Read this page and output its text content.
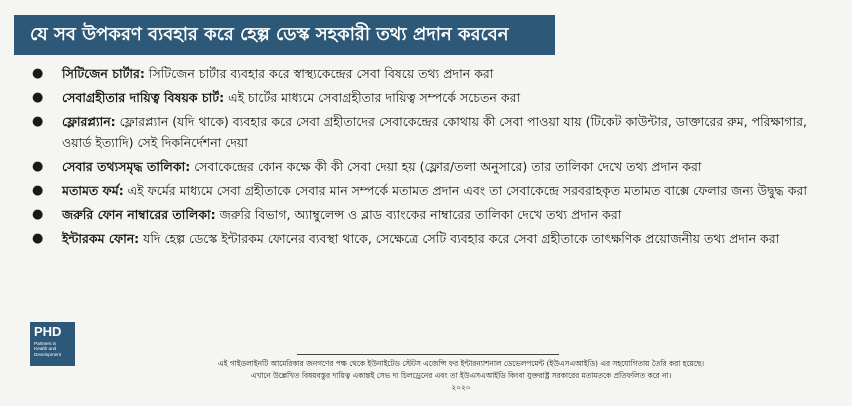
যে সব উপকরণ ব্যবহার করে হেল্প ডেস্ক সহকারী তথ্য প্রদান করবেন
● সিটিজেন চার্টার: সিটিজেন চার্টার ব্যবহার করে স্বাস্থ্যকেন্দ্রের সেবা বিষয়ে তথ্য প্রদান করা
● সেবাগ্রহীতার দায়িত্ব বিষয়ক চার্ট: এই চার্টের মাধ্যমে সেবাগ্রহীতার দায়িত্ব সম্পর্কে সচেতন করা
● ফ্লোরপ্ল্যান: ফ্লোরপ্ল্যান (যদি থাকে) ব্যবহার করে সেবা গ্রহীতাদের সেবাকেন্দ্রের কোথায় কী সেবা পাওয়া যায় (টিকেট কাউন্টার, ডাক্তারের রুম, পরিক্ষাগার, ওয়ার্ড ইত্যাদি) সেই দিকনির্দেশনা দেয়া
● সেবার তথ্যসমৃদ্ধ তালিকা: সেবাকেন্দ্রের কোন কক্ষে কী কী সেবা দেয়া হয় (ফ্লোর/তলা অনুসারে) তার তালিকা দেখে তথ্য প্রদান করা
● মতামত ফর্ম: এই ফর্মের মাধ্যমে সেবা গ্রহীতাকে সেবার মান সম্পর্কে মতামত প্রদান এবং তা সেবাকেন্দ্রে সরবরাহকৃত মতামত বাক্সে ফেলার জন্য উদ্বুদ্ধ করা
● জরুরি ফোন নাম্বারের তালিকা: জরুরি বিভাগ, অ্যাম্বুলেন্স ও ব্লাড ব্যাংকের নাম্বারের তালিকা দেখে তথ্য প্রদান করা
● ইন্টারকম ফোন: যদি হেল্প ডেস্কে ইন্টারকম ফোনের ব্যবস্থা থাকে, সেক্ষেত্রে সেটি ব্যবহার করে সেবা গ্রহীতাকে তাৎক্ষণিক প্রয়োজনীয় তথ্য প্রদান করা
PHD
Partners in
Health and
Development
এই গাইডলাইনটি আমেরিকার জনগণের পক্ষ থেকে ইউনাইটেড স্টেটস এজেন্সি ফর ইন্টারন্যাশনাল ডেভেলপমেন্ট (ইউএসএআইডি) এর সহযোগিতায় তৈরি করা হয়েছে।
এখানে উল্লেখিত বিষয়বস্তুর দায়িত্ব একান্তই সেভ দ্য চিলড্রেনের এবং তা ইউএসএআইডি কিংবা যুক্তরাষ্ট্র সরকারের মতামতকে প্রতিফলিত করে না।
২০২০
